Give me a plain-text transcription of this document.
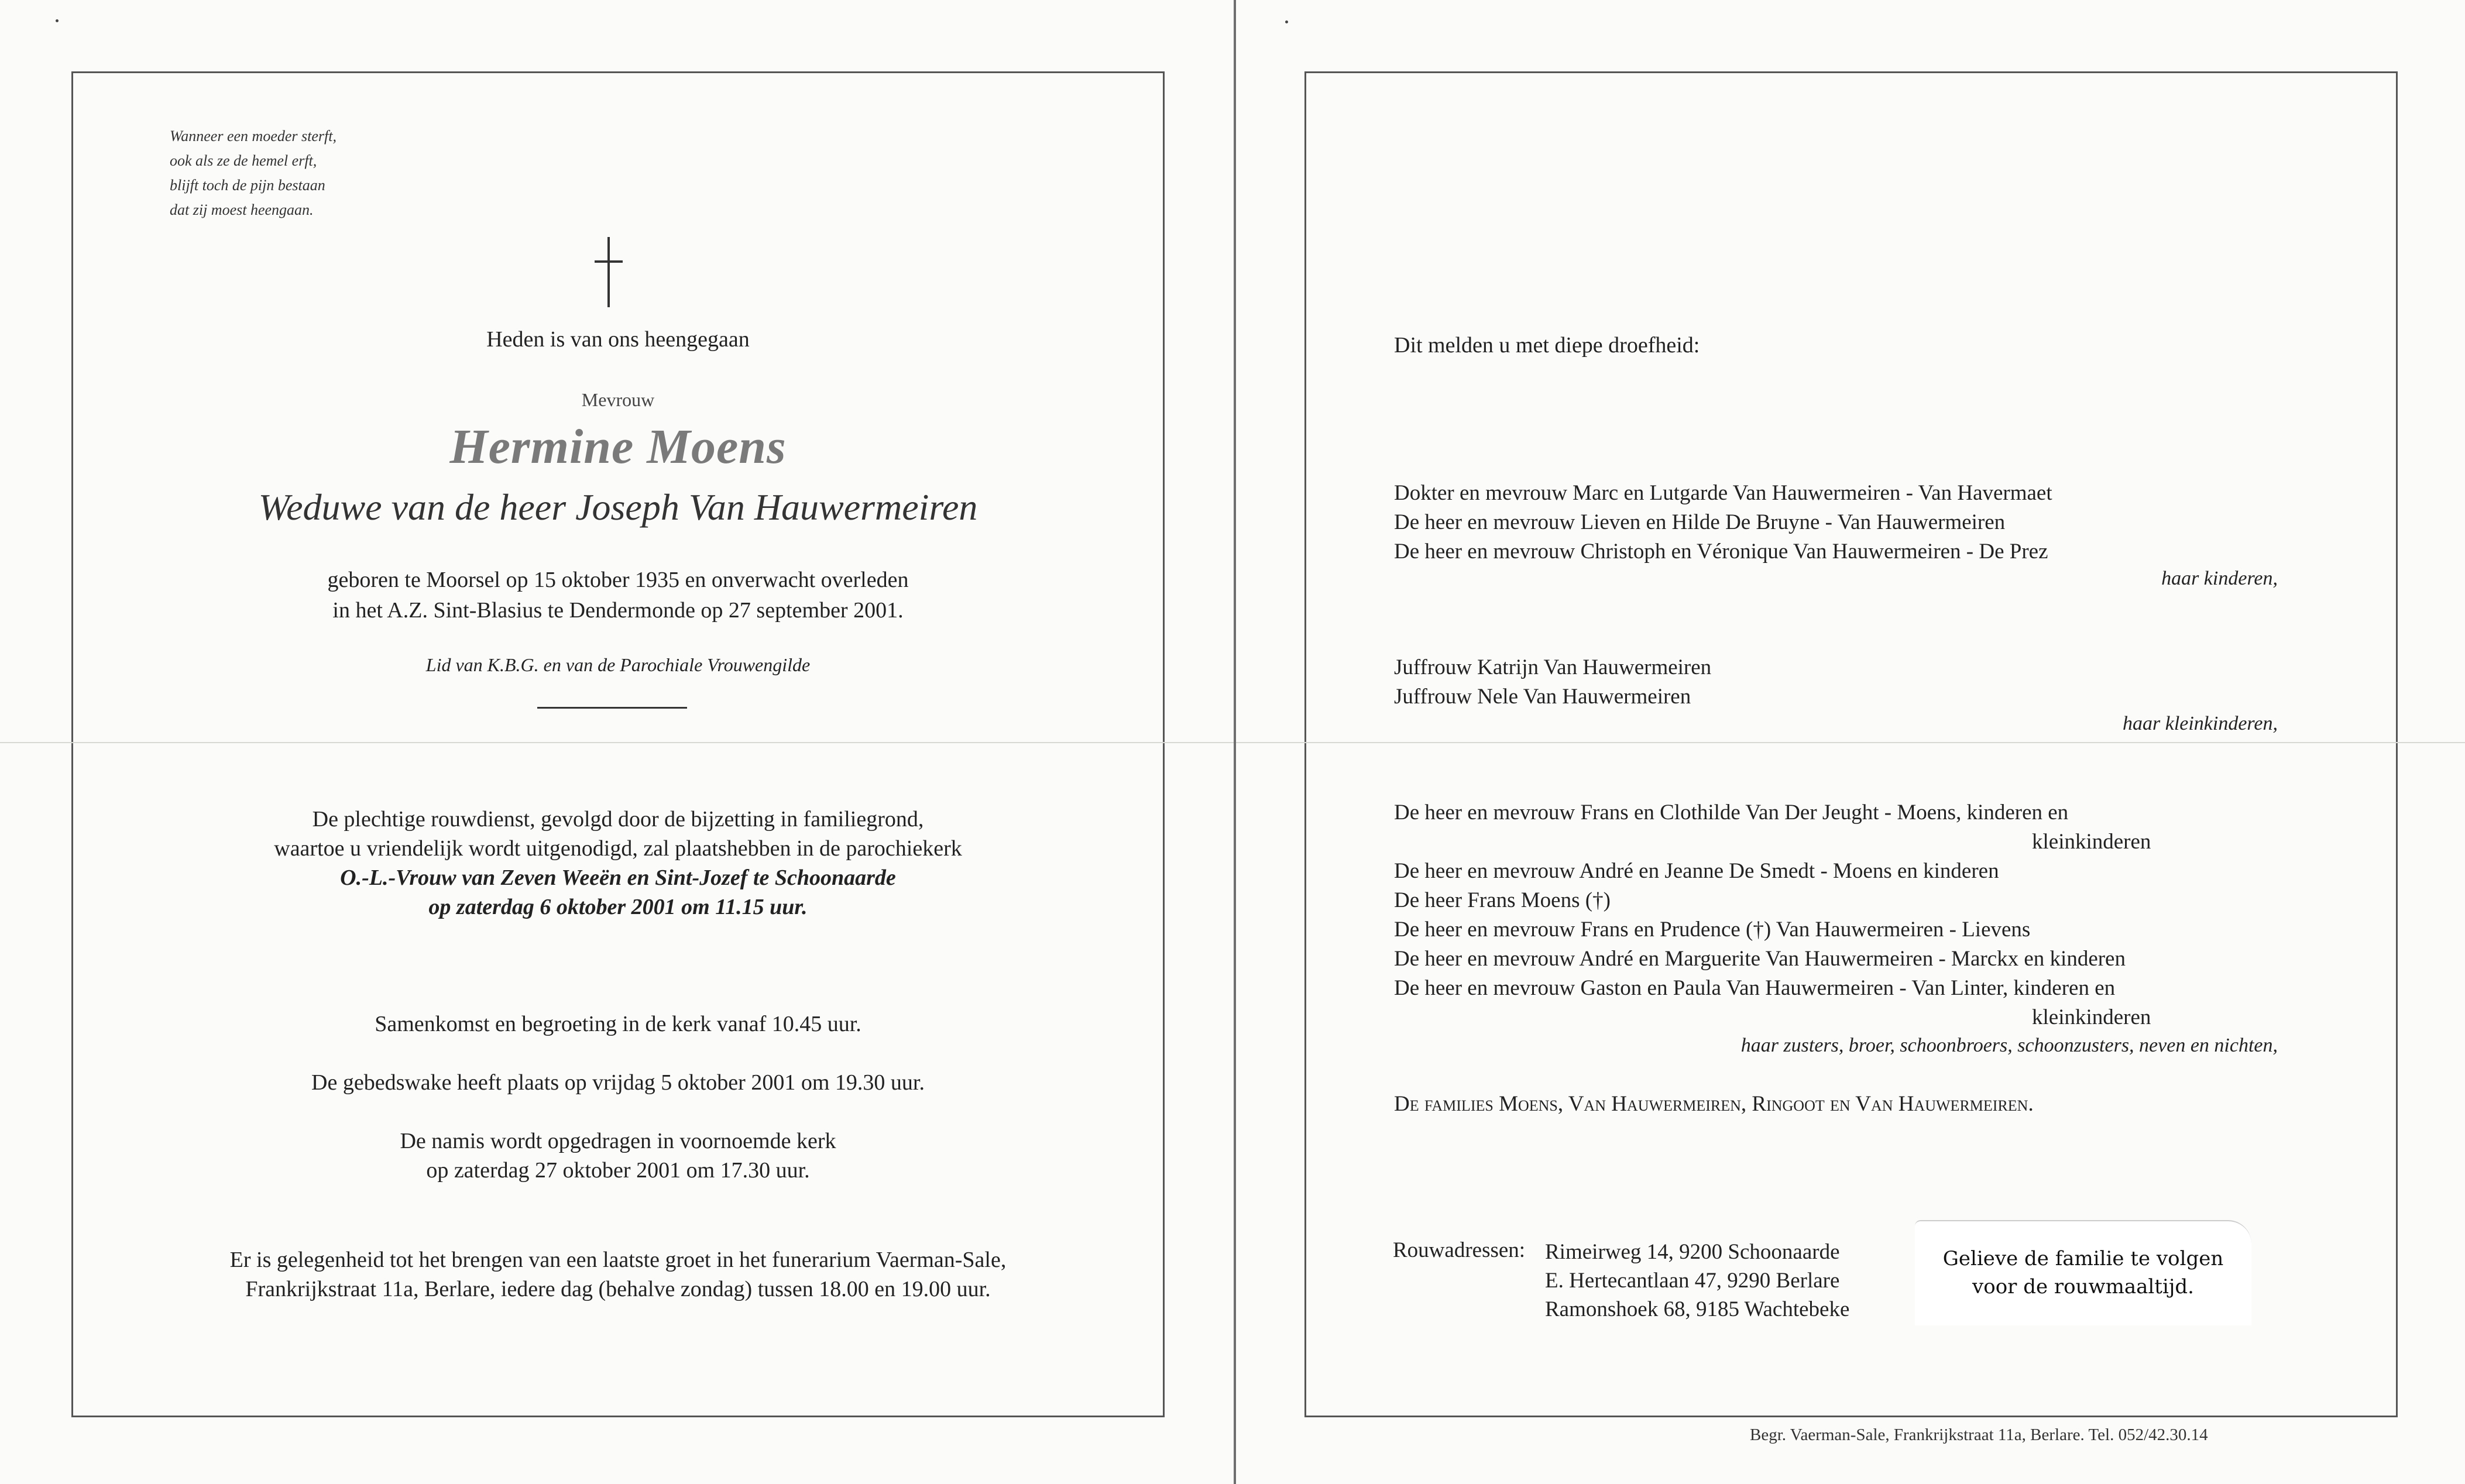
Wanneer een moeder sterft,
ook als ze de hemel erft,
blijft toch de pijn bestaan
dat zij moest heengaan.
Heden is van ons heengegaan
Mevrouw
Hermine Moens
Weduwe van de heer Joseph Van Hauwermeiren
geboren te Moorsel op 15 oktober 1935 en onverwacht overleden
in het A.Z. Sint-Blasius te Dendermonde op 27 september 2001.
Lid van K.B.G. en van de Parochiale Vrouwengilde
De plechtige rouwdienst, gevolgd door de bijzetting in familiegrond,
waartoe u vriendelijk wordt uitgenodigd, zal plaatshebben in de parochiekerk
O.-L.-Vrouw van Zeven Weeën en Sint-Jozef te Schoonaarde
op zaterdag 6 oktober 2001 om 11.15 uur.
Samenkomst en begroeting in de kerk vanaf 10.45 uur.
De gebedswake heeft plaats op vrijdag 5 oktober 2001 om 19.30 uur.
De namis wordt opgedragen in voornoemde kerk
op zaterdag 27 oktober 2001 om 17.30 uur.
Er is gelegenheid tot het brengen van een laatste groet in het funerarium Vaerman-Sale,
Frankrijkstraat 11a, Berlare, iedere dag (behalve zondag) tussen 18.00 en 19.00 uur.
Dit melden u met diepe droefheid:
Dokter en mevrouw Marc en Lutgarde Van Hauwermeiren - Van Havermaet
De heer en mevrouw Lieven en Hilde De Bruyne - Van Hauwermeiren
De heer en mevrouw Christoph en Véronique Van Hauwermeiren - De Prez
haar kinderen,
Juffrouw Katrijn Van Hauwermeiren
Juffrouw Nele Van Hauwermeiren
haar kleinkinderen,
De heer en mevrouw Frans en Clothilde Van Der Jeught - Moens, kinderen en
kleinkinderen
De heer en mevrouw André en Jeanne De Smedt - Moens en kinderen
De heer Frans Moens (†)
De heer en mevrouw Frans en Prudence (†) Van Hauwermeiren - Lievens
De heer en mevrouw André en Marguerite Van Hauwermeiren - Marckx en kinderen
De heer en mevrouw Gaston en Paula Van Hauwermeiren - Van Linter, kinderen en
kleinkinderen
haar zusters, broer, schoonbroers, schoonzusters, neven en nichten,
De families Moens, Van Hauwermeiren, Ringoot en Van Hauwermeiren.
Rouwadressen: Rimeirweg 14, 9200 Schoonaarde
E. Hertecantlaan 47, 9290 Berlare
Ramonshoek 68, 9185 Wachtebeke
Gelieve de familie te volgen
voor de rouwmaaltijd.
Begr. Vaerman-Sale, Frankrijkstraat 11a, Berlare. Tel. 052/42.30.14
